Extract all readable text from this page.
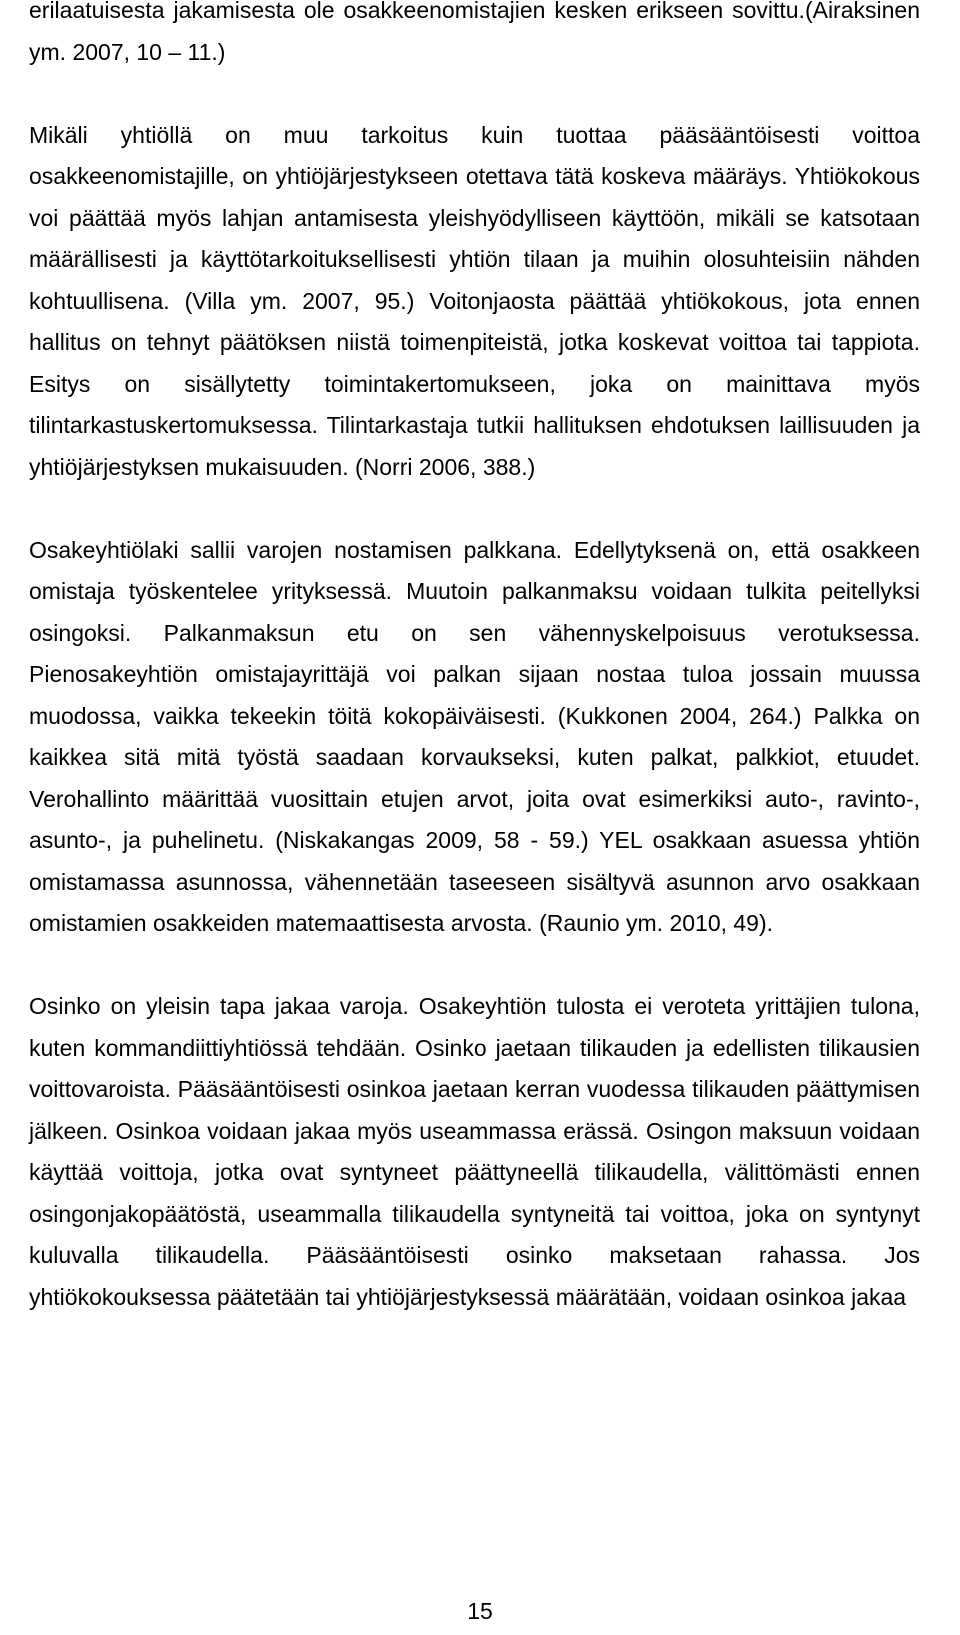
erilaatuisesta jakamisesta ole osakkeenomistajien kesken erikseen sovittu.(Airaksinen ym. 2007, 10 – 11.)

Mikäli yhtiöllä on muu tarkoitus kuin tuottaa pääsääntöisesti voittoa osakkeenomistajille, on yhtiöjärjestykseen otettava tätä koskeva määräys. Yhtiökokous voi päättää myös lahjan antamisesta yleishyödylliseen käyttöön, mikäli se katsotaan määrällisesti ja käyttötarkoituksellisesti yhtiön tilaan ja muihin olosuhteisiin nähden kohtuullisena. (Villa ym. 2007, 95.) Voitonjaosta päättää yhtiökokous, jota ennen hallitus on tehnyt päätöksen niistä toimenpiteistä, jotka koskevat voittoa tai tappiota. Esitys on sisällytetty toimintakertomukseen, joka on mainittava myös tilintarkastuskertomuksessa. Tilintarkastaja tutkii hallituksen ehdotuksen laillisuuden ja yhtiöjärjestyksen mukaisuuden. (Norri 2006, 388.)

Osakeyhtiölaki sallii varojen nostamisen palkkana. Edellytyksenä on, että osakkeen omistaja työskentelee yrityksessä. Muutoin palkanmaksu voidaan tulkita peitellyksi osingoksi. Palkanmaksun etu on sen vähennyskelpoisuus verotuksessa. Pienosakeyhtiön omistajayrittäjä voi palkan sijaan nostaa tuloa jossain muussa muodossa, vaikka tekeekin töitä kokopäiväisesti. (Kukkonen 2004, 264.) Palkka on kaikkea sitä mitä työstä saadaan korvaukseksi, kuten palkat, palkkiot, etuudet. Verohallinto määrittää vuosittain etujen arvot, joita ovat esimerkiksi auto-, ravinto-, asunto-, ja puhelinetu. (Niskakangas 2009, 58 - 59.) YEL osakkaan asuessa yhtiön omistamassa asunnossa, vähennetään taseeseen sisältyvä asunnon arvo osakkaan omistamien osakkeiden matemaattisesta arvosta. (Raunio ym. 2010, 49).

Osinko on yleisin tapa jakaa varoja. Osakeyhtiön tulosta ei veroteta yrittäjien tulona, kuten kommandiittiyhtiössä tehdään. Osinko jaetaan tilikauden ja edellisten tilikausien voittovaroista. Pääsääntöisesti osinkoa jaetaan kerran vuodessa tilikauden päättymisen jälkeen. Osinkoa voidaan jakaa myös useammassa erässä. Osingon maksuun voidaan käyttää voittoja, jotka ovat syntyneet päättyneellä tilikaudella, välittömästi ennen osingonjakopäätöstä, useammalla tilikaudella syntyneitä tai voittoa, joka on syntynyt kuluvalla tilikaudella. Pääsääntöisesti osinko maksetaan rahassa. Jos yhtiökokouksessa päätetään tai yhtiöjärjestyksessä määrätään, voidaan osinkoa jakaa

15
